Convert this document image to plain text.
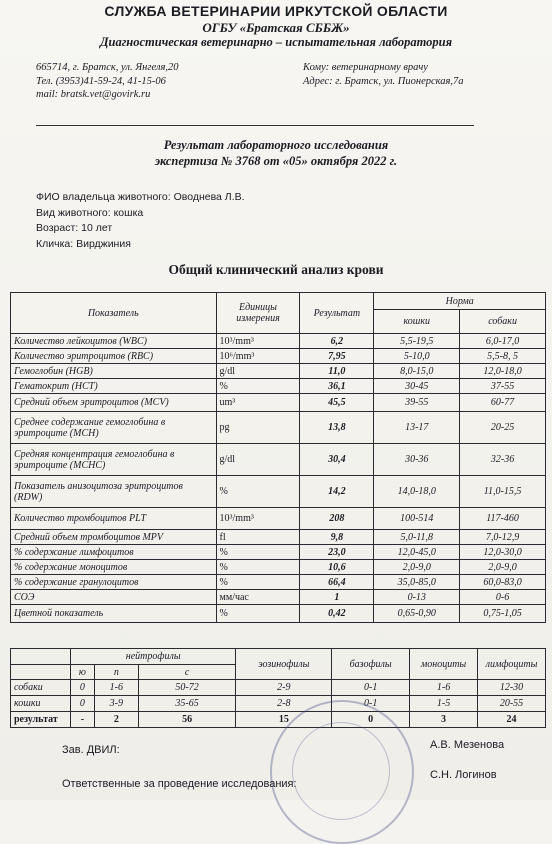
СЛУЖБА ВЕТЕРИНАРИИ ИРКУТСКОЙ ОБЛАСТИ
ОГБУ «Братская СББЖ»
Диагностическая ветеринарно – испытательная лаборатория
665714, г. Братск, ул. Янгеля,20
Тел. (3953)41-59-24, 41-15-06
mail: bratsk.vet@govirk.ru
Кому: ветеринарному врачу
Адрес: г. Братск, ул. Пионерская,7а
Результат лабораторного исследования
экспертиза № 3768 от «05» октября 2022 г.
ФИО владельца животного: Оводнева Л.В.
Вид животного: кошка
Возраст: 10 лет
Кличка: Вирджиния
Общий клинический анализ крови
Показатель	Единицы измерения	Результат	Норма	
			кошки	собаки
Количество лейкоцитов (WBC)	10³/mm³	6,2	5,5-19,5	6,0-17,0
Количество эритроцитов (RBC)	10⁶/mm³	7,95	5-10,0	5,5-8, 5
Гемоглобин (HGB)	g/dl	11,0	8,0-15,0	12,0-18,0
Гематокрит (HCT)	%	36,1	30-45	37-55
Средний объем эритроцитов (MCV)	um³	45,5	39-55	60-77
Среднее содержание гемоглобина в эритроците (MCH)	pg	13,8	13-17	20-25
Средняя концентрация гемоглобина в эритроците (MCHC)	g/dl	30,4	30-36	32-36
Показатель анизоцитоза эритроцитов (RDW)	%	14,2	14,0-18,0	11,0-15,5
Количество тромбоцитов PLT	10³/mm³	208	100-514	117-460
Средний объем тромбоцитов MPV	fl	9,8	5,0-11,8	7,0-12,9
% содержание лимфоцитов	%	23,0	12,0-45,0	12,0-30,0
% содержание моноцитов	%	10,6	2,0-9,0	2,0-9,0
% содержание гранулоцитов	%	66,4	35,0-85,0	60,0-83,0
СОЭ	мм/час	1	0-13	0-6
Цветной показатель	%	0,42	0,65-0,90	0,75-1,05
	нейтрофилы			эозинофилы	базофилы	моноциты	лимфоциты
	ю	п	с				
собаки	0	1-6	50-72	2-9	0-1	1-6	12-30
кошки	0	3-9	35-65	2-8	0-1	1-5	20-55
результат	-	2	56	15	0	3	24
Зав. ДВИЛ:	А.В. Мезенова
Ответственные за проведение исследования:
С.Н. Логинов
